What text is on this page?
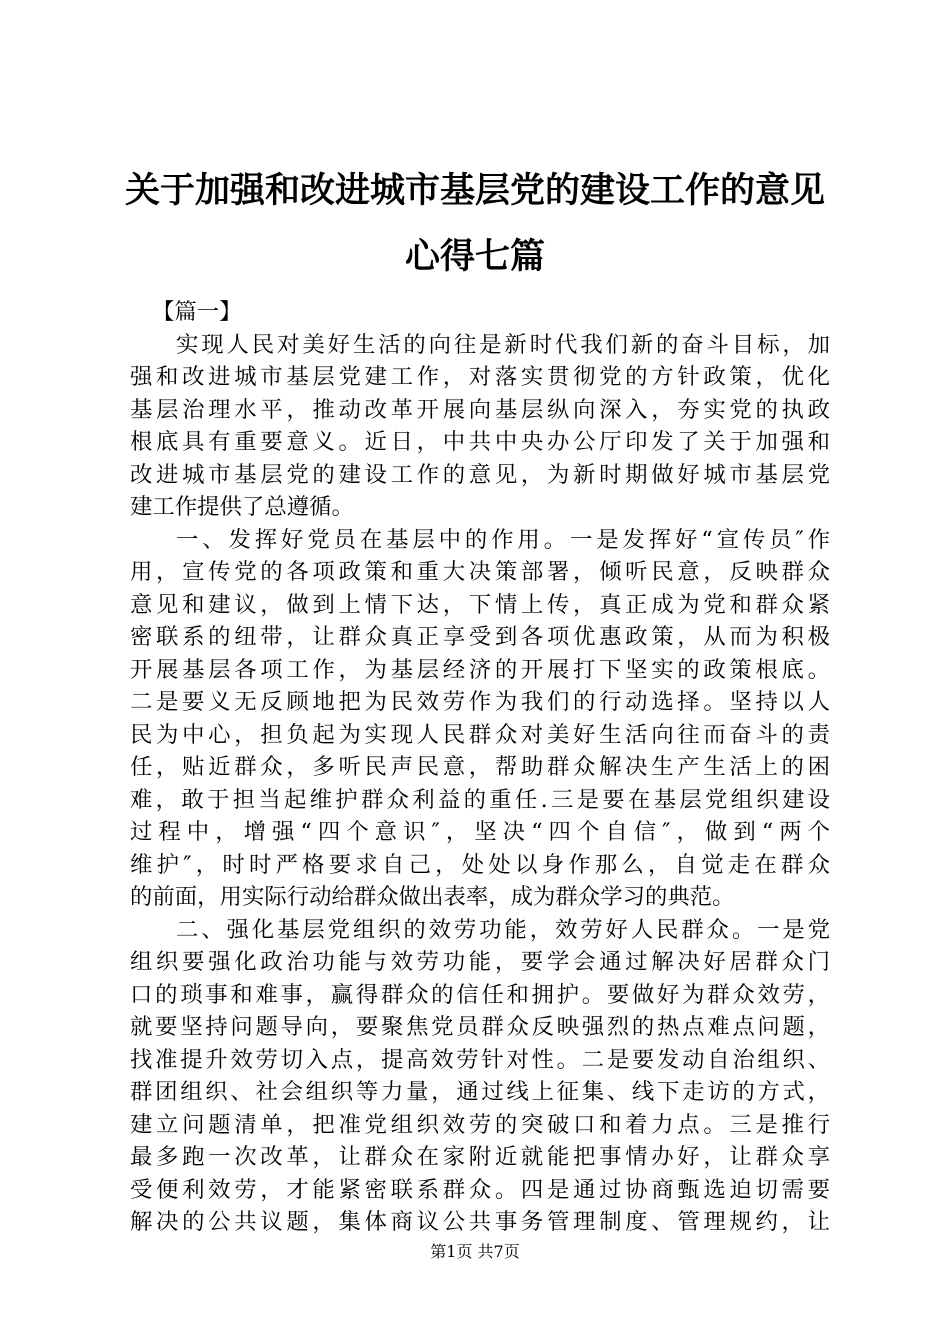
关于加强和改进城市基层党的建设工作的意见
心得七篇
【篇一】
实现人民对美好生活的向往是新时代我们新的奋斗目标，加
强和改进城市基层党建工作，对落实贯彻党的方针政策，优化
基层治理水平，推动改革开展向基层纵向深入，夯实党的执政
根底具有重要意义。近日，中共中央办公厅印发了关于加强和
改进城市基层党的建设工作的意见，为新时期做好城市基层党
建工作提供了总遵循。
一、发挥好党员在基层中的作用。一是发挥好“宣传员″作
用，宣传党的各项政策和重大决策部署，倾听民意，反映群众
意见和建议，做到上情下达，下情上传，真正成为党和群众紧
密联系的纽带，让群众真正享受到各项优惠政策，从而为积极
开展基层各项工作，为基层经济的开展打下坚实的政策根底。
二是要义无反顾地把为民效劳作为我们的行动选择。坚持以人
民为中心，担负起为实现人民群众对美好生活向往而奋斗的责
任，贴近群众，多听民声民意，帮助群众解决生产生活上的困
难，敢于担当起维护群众利益的重任.三是要在基层党组织建设
过程中，增强“四个意识″，坚决“四个自信″，做到“两个
维护″，时时严格要求自己，处处以身作那么，自觉走在群众
的前面，用实际行动给群众做出表率，成为群众学习的典范。
二、强化基层党组织的效劳功能，效劳好人民群众。一是党
组织要强化政治功能与效劳功能，要学会通过解决好居群众门
口的琐事和难事，赢得群众的信任和拥护。要做好为群众效劳，
就要坚持问题导向，要聚焦党员群众反映强烈的热点难点问题，
找准提升效劳切入点，提高效劳针对性。二是要发动自治组织、
群团组织、社会组织等力量，通过线上征集、线下走访的方式，
建立问题清单，把准党组织效劳的突破口和着力点。三是推行
最多跑一次改革，让群众在家附近就能把事情办好，让群众享
受便利效劳，才能紧密联系群众。四是通过协商甄选迫切需要
解决的公共议题，集体商议公共事务管理制度、管理规约，让
第1页 共7页
